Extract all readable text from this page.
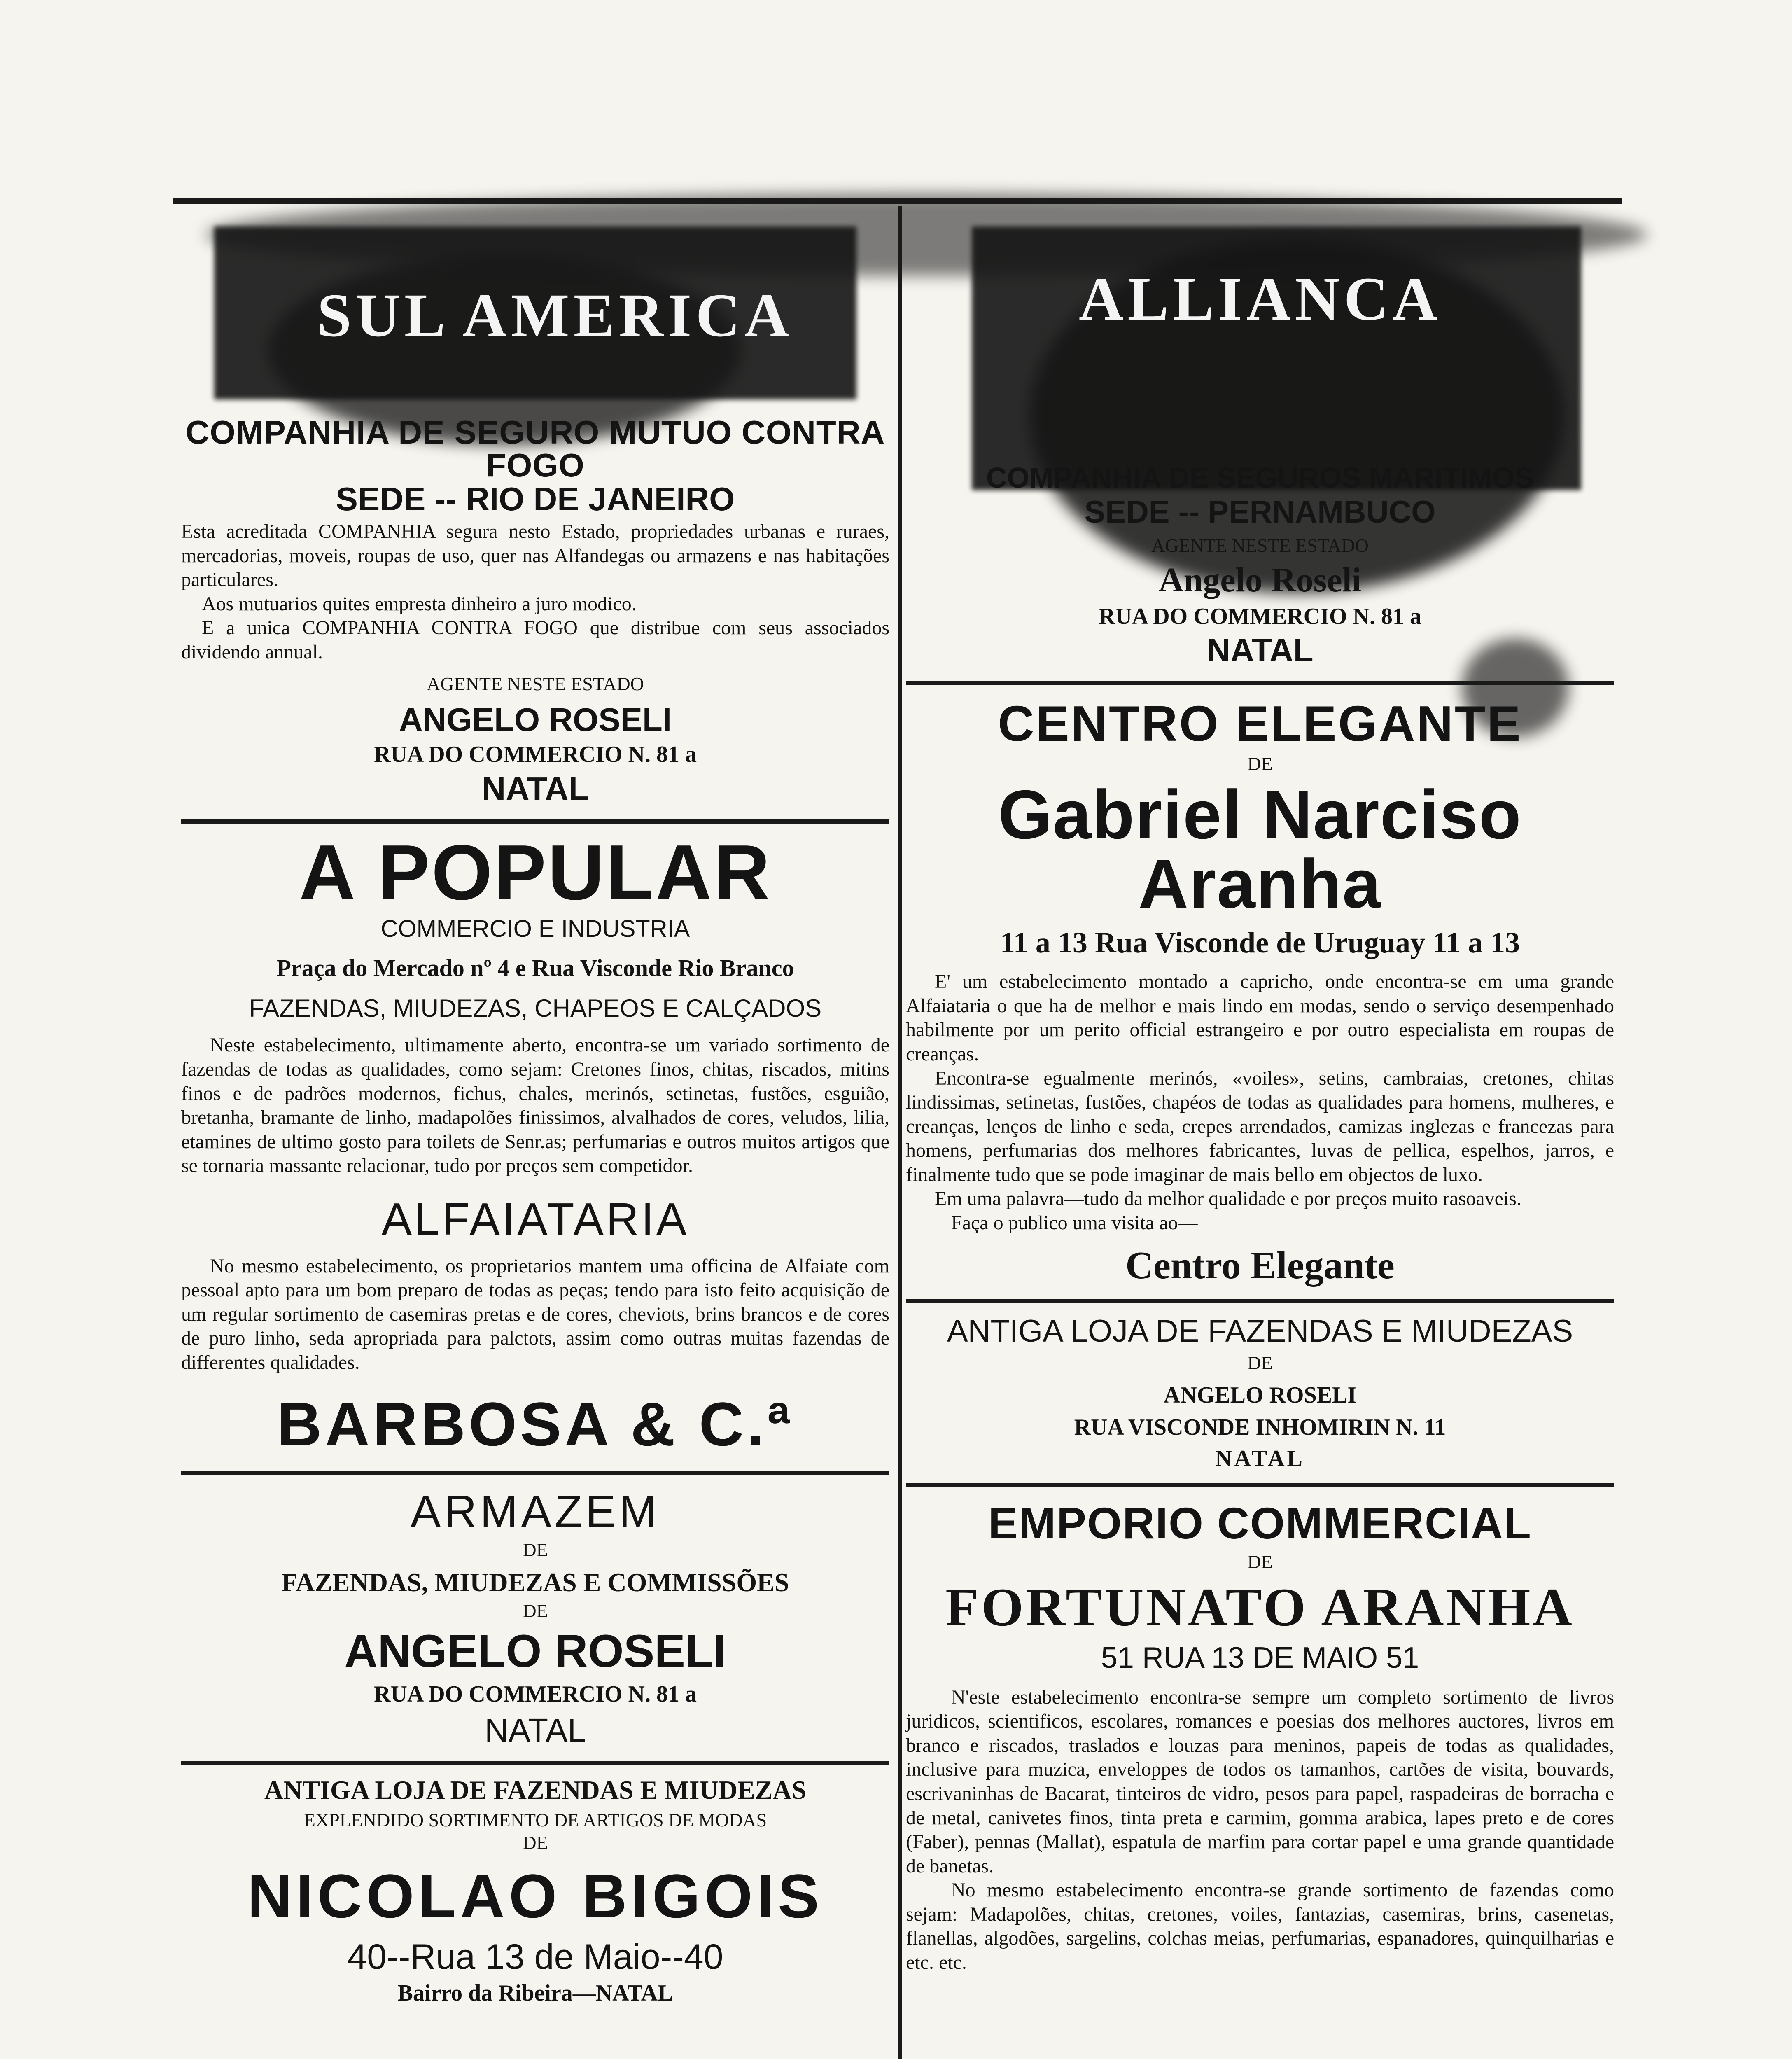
SUL AMERICA	ALLIANCA
COMPANHIA DE SEGURO MUTUO CONTRA FOGO
SEDE -- RIO DE JANEIRO
Esta acreditada COMPANHIA segura nesto Estado, propriedades urbanas e ruraes, mercadorias, moveis, roupas de uso, quer nas Alfandegas ou armazens e nas habitações particulares.
Aos mutuarios quites empresta dinheiro a juro modico.
E a unica COMPANHIA CONTRA FOGO que distribue com seus associados dividendo annual.
AGENTE NESTE ESTADO
ANGELO ROSELI
RUA DO COMMERCIO N. 81 a
NATAL
A POPULAR
COMMERCIO E INDUSTRIA
Praça do Mercado nº 4 e Rua Visconde Rio Branco
FAZENDAS, MIUDEZAS, CHAPEOS E CALÇADOS
Neste estabelecimento, ultimamente aberto, encontra-se um variado sortimento de fazendas de todas as qualidades, como sejam: Cretones finos, chitas, riscados, mitins finos e de padrões modernos, fichus, chales, merinós, setinetas, fustões, esguião, bretanha, bramante de linho, madapolões finissimos, alvalhados de cores, veludos, lilia, etamines de ultimo gosto para toilets de Senr.as; perfumarias e outros muitos artigos que se tornaria massante relacionar, tudo por preços sem competidor.
ALFAIATARIA
No mesmo estabelecimento, os proprietarios mantem uma officina de Alfaiate com pessoal apto para um bom preparo de todas as peças; tendo para isto feito acquisição de um regular sortimento de casemiras pretas e de cores, cheviots, brins brancos e de cores de puro linho, seda apropriada para palctots, assim como outras muitas fazendas de differentes qualidades.
BARBOSA & C.ª
ARMAZEM
DE
FAZENDAS, MIUDEZAS E COMMISSÕES
DE
ANGELO ROSELI
RUA DO COMMERCIO N. 81 a
NATAL
ANTIGA LOJA DE FAZENDAS E MIUDEZAS
EXPLENDIDO SORTIMENTO DE ARTIGOS DE MODAS
DE
NICOLAO BIGOIS
40--Rua 13 de Maio--40
Bairro da Ribeira—NATAL
COMPANHIA DE SEGUROS MARITIMOS
SEDE -- PERNAMBUCO
AGENTE NESTE ESTADO
Angelo Roseli
RUA DO COMMERCIO N. 81 a
NATAL
CENTRO ELEGANTE
DE
Gabriel Narciso Aranha
11 a 13 Rua Visconde de Uruguay 11 a 13
E' um estabelecimento montado a capricho, onde encontra-se em uma grande Alfaiataria o que ha de melhor e mais lindo em modas, sendo o serviço desempenhado habilmente por um perito official estrangeiro e por outro especialista em roupas de creanças.
Encontra-se egualmente merinós, «voiles», setins, cambraias, cretones, chitas lindissimas, setinetas, fustões, chapéos de todas as qualidades para homens, mulheres, e creanças, lenços de linho e seda, crepes arrendados, camizas inglezas e francezas para homens, perfumarias dos melhores fabricantes, luvas de pellica, espelhos, jarros, e finalmente tudo que se pode imaginar de mais bello em objectos de luxo.
Em uma palavra—tudo da melhor qualidade e por preços muito rasoaveis.
Faça o publico uma visita ao—
Centro Elegante
ANTIGA LOJA DE FAZENDAS E MIUDEZAS
DE
ANGELO ROSELI
RUA VISCONDE INHOMIRIN N. 11
NATAL
EMPORIO COMMERCIAL
DE
FORTUNATO ARANHA
51 RUA 13 DE MAIO 51
N'este estabelecimento encontra-se sempre um completo sortimento de livros juridicos, scientificos, escolares, romances e poesias dos melhores auctores, livros em branco e riscados, traslados e louzas para meninos, papeis de todas as qualidades, inclusive para muzica, enveloppes de todos os tamanhos, cartões de visita, bouvards, escrivaninhas de Bacarat, tinteiros de vidro, pesos para papel, raspadeiras de borracha e de metal, canivetes finos, tinta preta e carmim, gomma arabica, lapes preto e de cores (Faber), pennas (Mallat), espatula de marfim para cortar papel e uma grande quantidade de banetas.
No mesmo estabelecimento encontra-se grande sortimento de fazendas como sejam: Madapolões, chitas, cretones, voiles, fantazias, casemiras, brins, casenetas, flanellas, algodões, sargelins, colchas meias, perfumarias, espanadores, quinquilharias e etc. etc.
